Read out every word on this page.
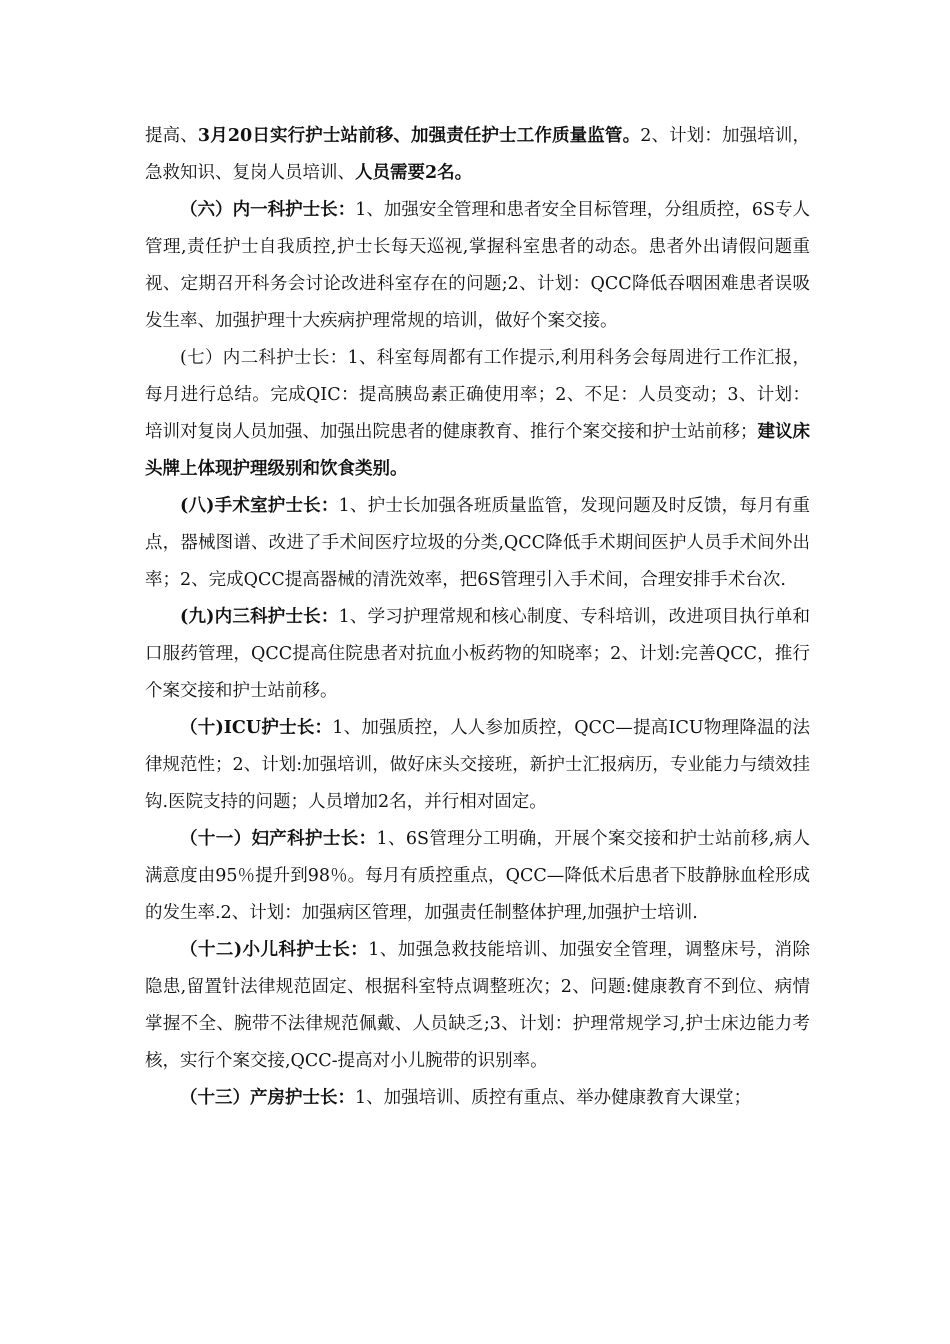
提高、3月20日实行护士站前移、加强责任护士工作质量监管。2、计划：加强培训，急救知识、复岗人员培训、人员需要2名。

（六）内一科护士长：1、加强安全管理和患者安全目标管理，分组质控，6S专人管理,责任护士自我质控,护士长每天巡视,掌握科室患者的动态。患者外出请假问题重视、定期召开科务会讨论改进科室存在的问题;2、计划：QCC降低吞咽困难患者误吸发生率、加强护理十大疾病护理常规的培训，做好个案交接。

(七）内二科护士长：1、科室每周都有工作提示,利用科务会每周进行工作汇报，每月进行总结。完成QIC：提高胰岛素正确使用率；2、不足：人员变动；3、计划：培训对复岗人员加强、加强出院患者的健康教育、推行个案交接和护士站前移；建议床头牌上体现护理级别和饮食类别。

(八)手术室护士长：1、护士长加强各班质量监管，发现问题及时反馈，每月有重点，器械图谱、改进了手术间医疗垃圾的分类,QCC降低手术期间医护人员手术间外出率；2、完成QCC提高器械的清洗效率，把6S管理引入手术间，合理安排手术台次.

(九)内三科护士长：1、学习护理常规和核心制度、专科培训，改进项目执行单和口服药管理，QCC提高住院患者对抗血小板药物的知晓率；2、计划:完善QCC，推行个案交接和护士站前移。

（十)ICU护士长：1、加强质控，人人参加质控，QCC—提高ICU物理降温的法律规范性；2、计划:加强培训，做好床头交接班，新护士汇报病历，专业能力与绩效挂钩.医院支持的问题；人员增加2名，并行相对固定。

（十一）妇产科护士长：1、6S管理分工明确，开展个案交接和护士站前移,病人满意度由95％提升到98％。每月有质控重点，QCC—降低术后患者下肢静脉血栓形成的发生率.2、计划：加强病区管理，加强责任制整体护理,加强护士培训.

（十二)小儿科护士长：1、加强急救技能培训、加强安全管理，调整床号，消除隐患,留置针法律规范固定、根据科室特点调整班次；2、问题:健康教育不到位、病情掌握不全、腕带不法律规范佩戴、人员缺乏;3、计划：护理常规学习,护士床边能力考核，实行个案交接,QCC-提高对小儿腕带的识别率。

（十三）产房护士长：1、加强培训、质控有重点、举办健康教育大课堂；
